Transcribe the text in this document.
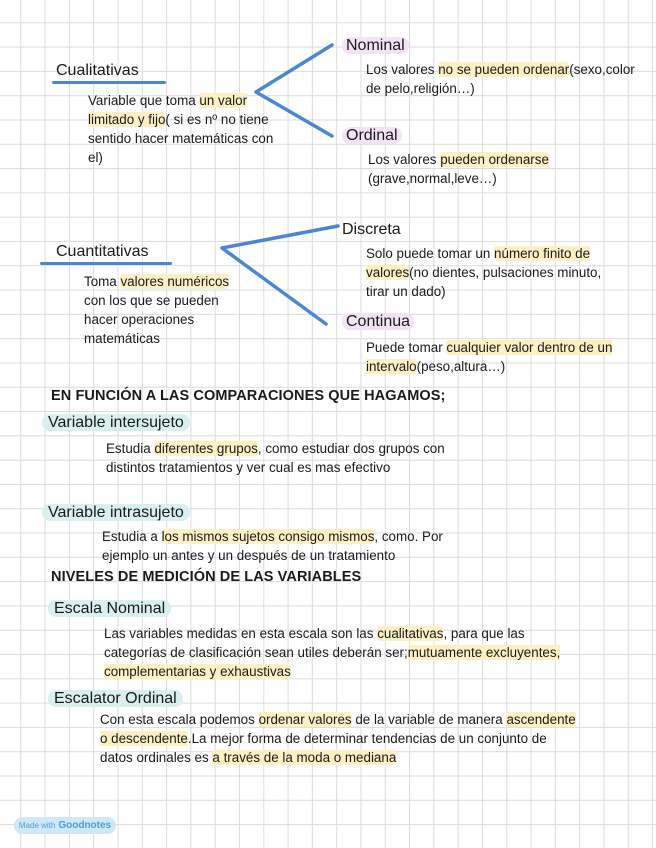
Cualitativas
Variable que toma un valor limitado y fijo( si es nº no tiene sentido hacer matemáticas con el)
Nominal
Los valores no se pueden ordenar(sexo,color de pelo,religión…)
Ordinal
Los valores pueden ordenarse (grave,normal,leve…)
Cuantitativas
Toma valores numéricos con los que se pueden hacer operaciones matemáticas
Discreta
Solo puede tomar un número finito de valores(no dientes, pulsaciones minuto, tirar un dado)
Continua
Puede tomar cualquier valor dentro de un intervalo(peso,altura…)
EN FUNCIÓN A LAS COMPARACIONES QUE HAGAMOS;
Variable intersujeto
Estudia diferentes grupos, como estudiar dos grupos con distintos tratamientos y ver cual es mas efectivo
Variable intrasujeto
Estudia a los mismos sujetos consigo mismos, como. Por ejemplo un antes y un después de un tratamiento
NIVELES DE MEDICIÓN DE LAS VARIABLES
Escala Nominal
Las variables medidas en esta escala son las cualitativas, para que las categorías de clasificación sean utiles deberán ser;mutuamente excluyentes, complementarias y exhaustivas
Escalator Ordinal
Con esta escala podemos ordenar valores de la variable de manera ascendente o descendente.La mejor forma de determinar tendencias de un conjunto de datos ordinales es a través de la moda o mediana
Made with Goodnotes
